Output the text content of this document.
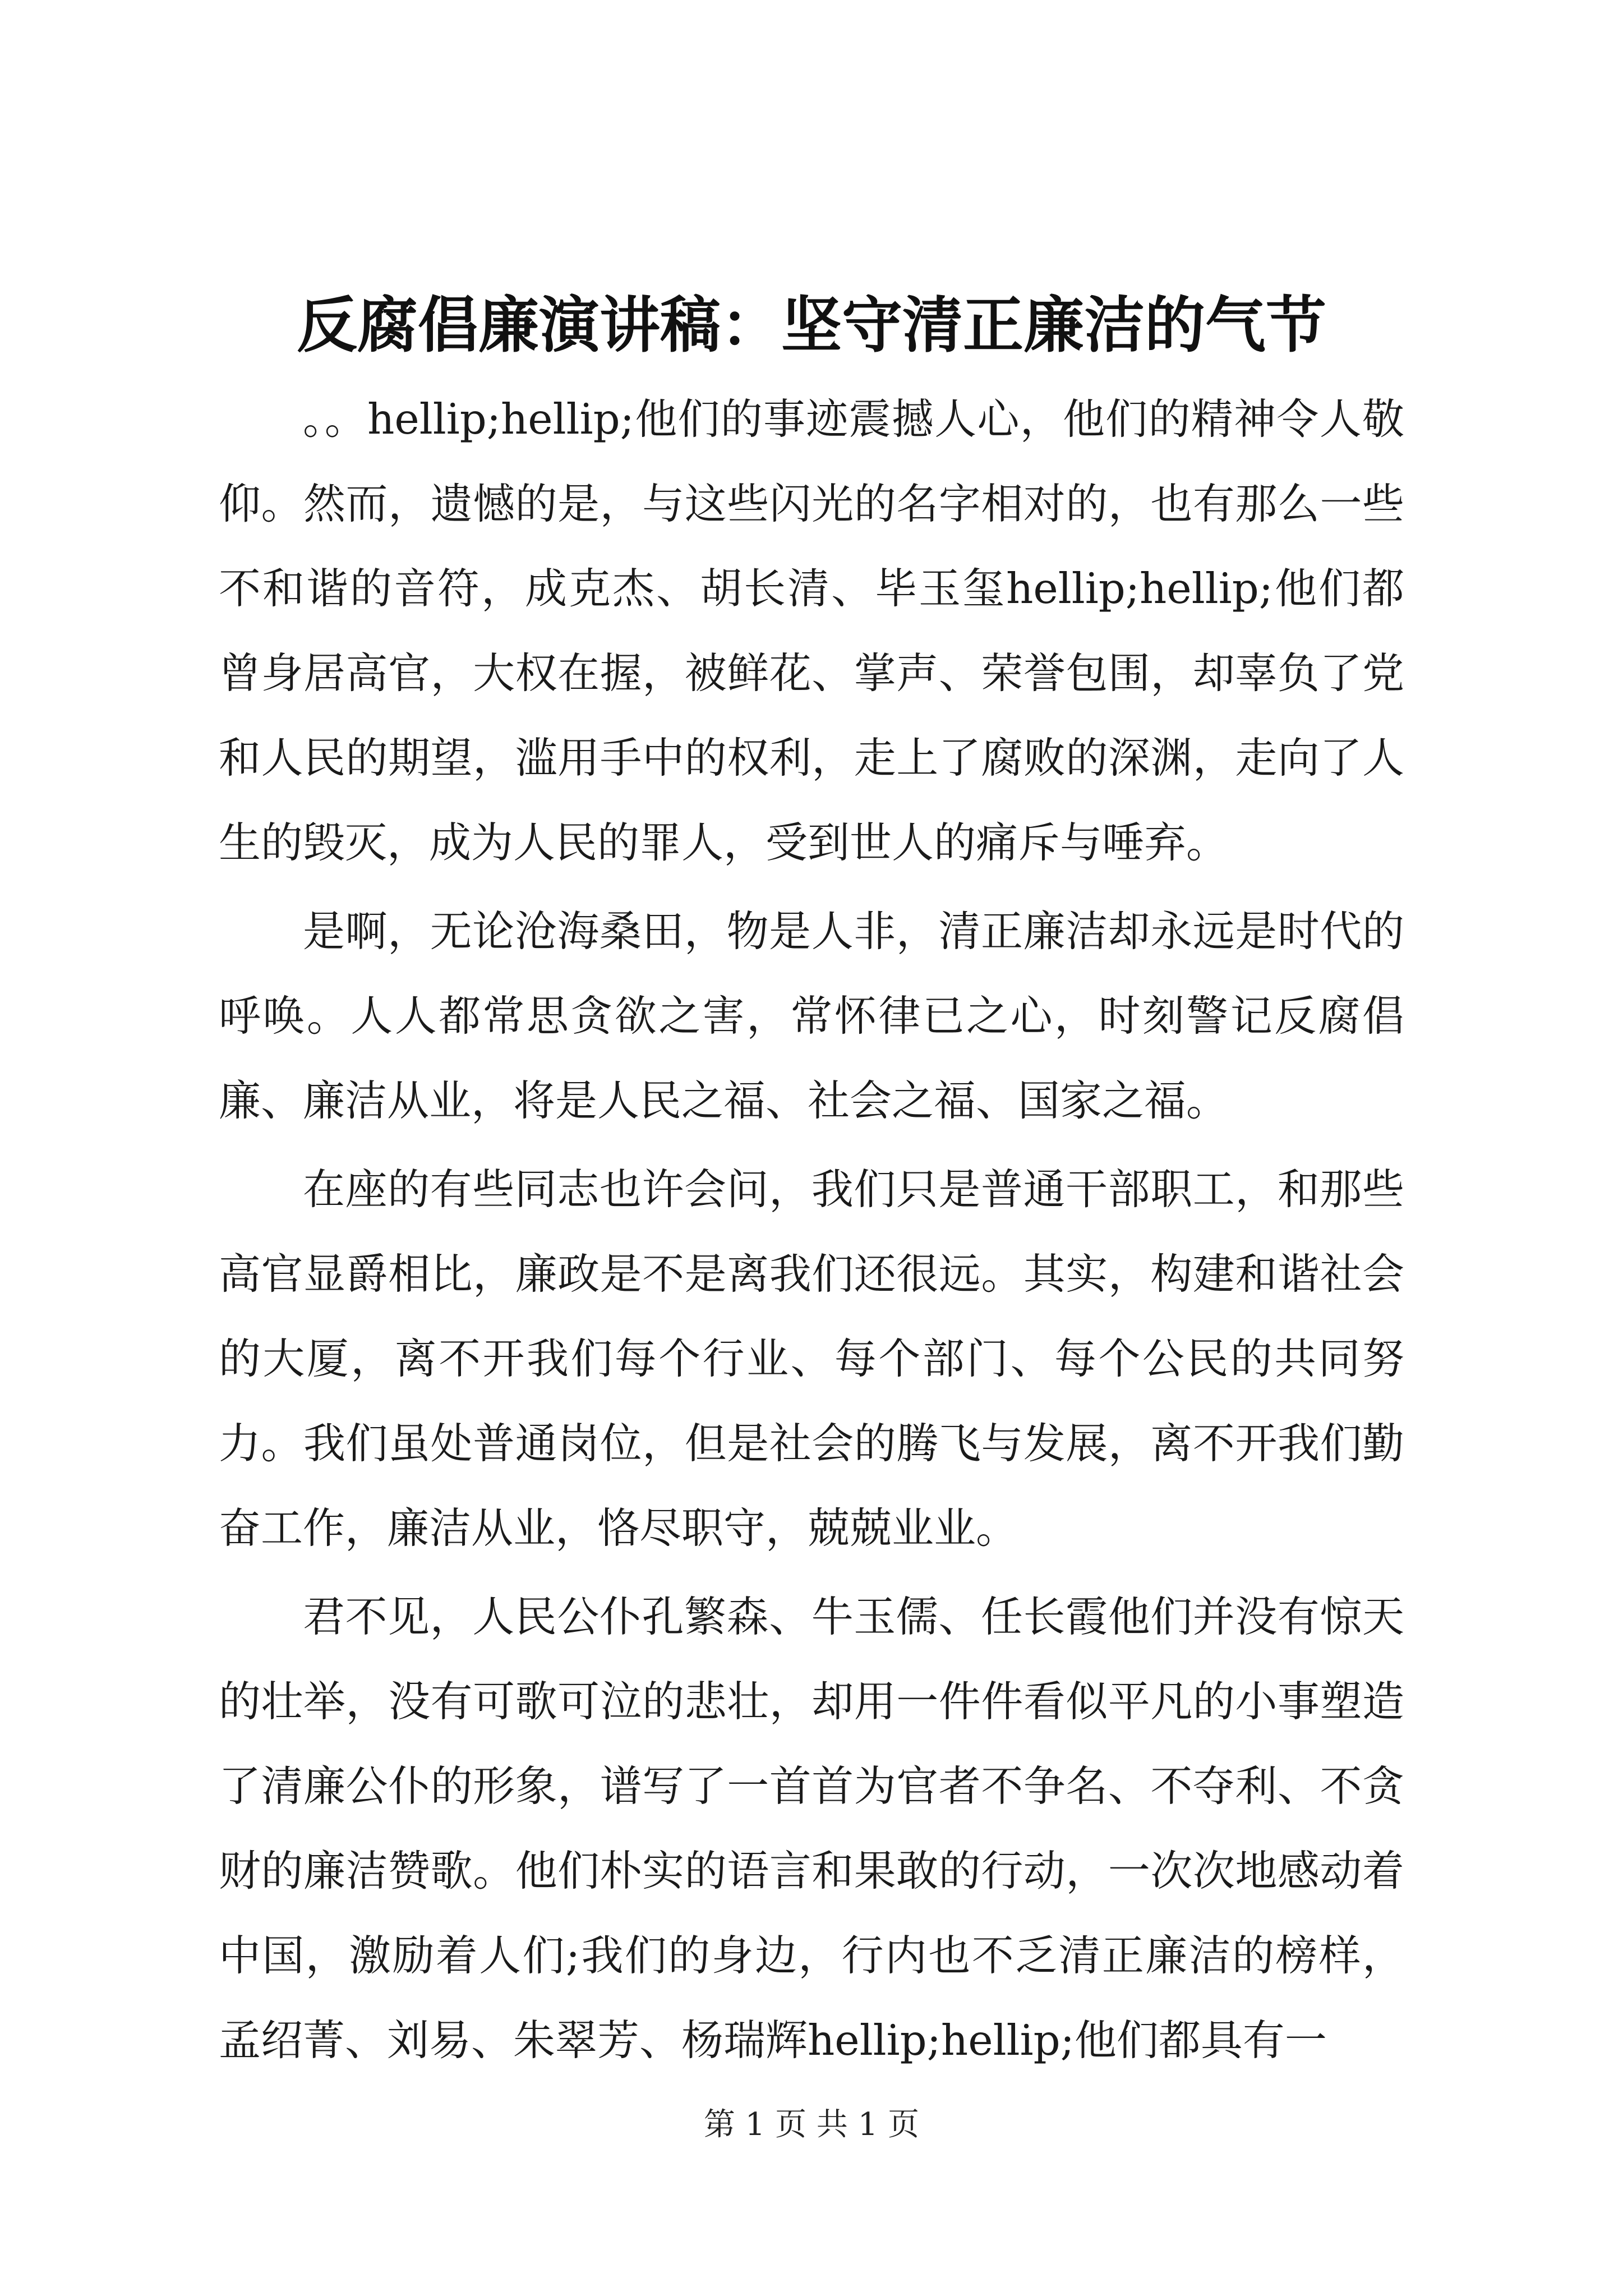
反腐倡廉演讲稿：坚守清正廉洁的气节

。。hellip;hellip;他们的事迹震撼人心，他们的精神令人敬仰。然而，遗憾的是，与这些闪光的名字相对的，也有那么一些不和谐的音符，成克杰、胡长清、毕玉玺hellip;hellip;他们都曾身居高官，大权在握，被鲜花、掌声、荣誉包围，却辜负了党和人民的期望，滥用手中的权利，走上了腐败的深渊，走向了人生的毁灭，成为人民的罪人，受到世人的痛斥与唾弃。

是啊，无论沧海桑田，物是人非，清正廉洁却永远是时代的呼唤。人人都常思贪欲之害，常怀律已之心，时刻警记反腐倡廉、廉洁从业，将是人民之福、社会之福、国家之福。

在座的有些同志也许会问，我们只是普通干部职工，和那些高官显爵相比，廉政是不是离我们还很远。其实，构建和谐社会的大厦，离不开我们每个行业、每个部门、每个公民的共同努力。我们虽处普通岗位，但是社会的腾飞与发展，离不开我们勤奋工作，廉洁从业，恪尽职守，兢兢业业。

君不见，人民公仆孔繁森、牛玉儒、任长霞他们并没有惊天的壮举，没有可歌可泣的悲壮，却用一件件看似平凡的小事塑造了清廉公仆的形象，谱写了一首首为官者不争名、不夺利、不贪财的廉洁赞歌。他们朴实的语言和果敢的行动，一次次地感动着中国，激励着人们;我们的身边，行内也不乏清正廉洁的榜样，孟绍菁、刘易、朱翠芳、杨瑞辉hellip;hellip;他们都具有一

第 1 页 共 1 页
